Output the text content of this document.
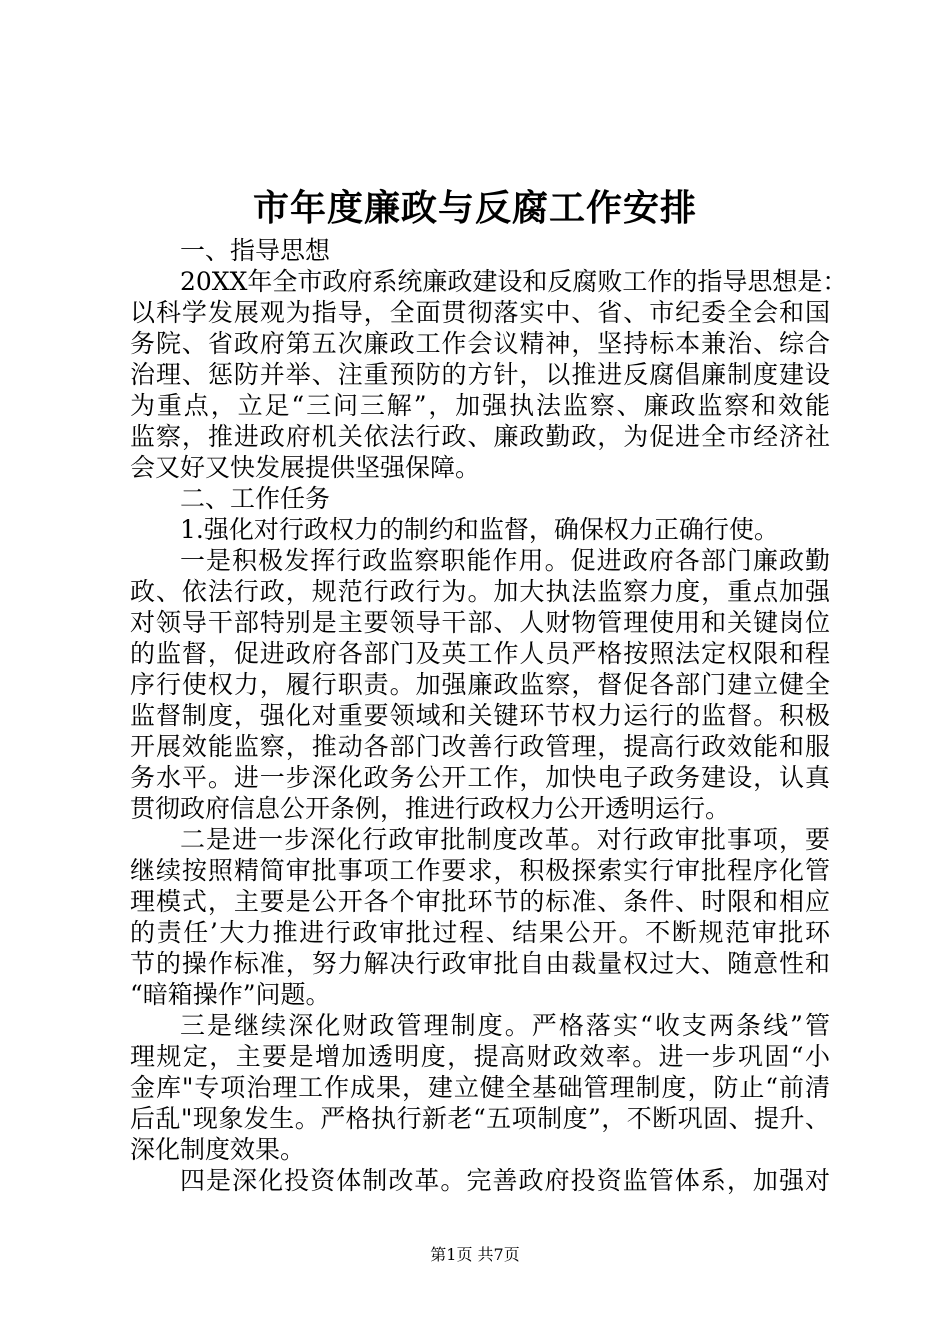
市年度廉政与反腐工作安排
一、指导思想
20XX年全市政府系统廉政建设和反腐败工作的指导思想是：
以科学发展观为指导，全面贯彻落实中、省、市纪委全会和国
务院、省政府第五次廉政工作会议精神，坚持标本兼治、综合
治理、惩防并举、注重预防的方针，以推进反腐倡廉制度建设
为重点，立足“三问三解”，加强执法监察、廉政监察和效能
监察，推进政府机关依法行政、廉政勤政，为促进全市经济社
会又好又快发展提供坚强保障。
二、工作任务
1.强化对行政权力的制约和监督，确保权力正确行使。
一是积极发挥行政监察职能作用。促进政府各部门廉政勤
政、依法行政，规范行政行为。加大执法监察力度，重点加强
对领导干部特别是主要领导干部、人财物管理使用和关键岗位
的监督，促进政府各部门及英工作人员严格按照法定权限和程
序行使权力，履行职责。加强廉政监察，督促各部门建立健全
监督制度，强化对重要领域和关键环节权力运行的监督。积极
开展效能监察，推动各部门改善行政管理，提高行政效能和服
务水平。进一步深化政务公开工作，加快电子政务建设，认真
贯彻政府信息公开条例，推进行政权力公开透明运行。
二是进一步深化行政审批制度改革。对行政审批事项，要
继续按照精简审批事项工作要求，积极探索实行审批程序化管
理模式，主要是公开各个审批环节的标准、条件、时限和相应
的责任’大力推进行政审批过程、结果公开。不断规范审批环
节的操作标准，努力解决行政审批自由裁量权过大、随意性和
“暗箱操作”问题。
三是继续深化财政管理制度。严格落实“收支两条线”管
理规定，主要是增加透明度，提高财政效率。进一步巩固“小
金库"专项治理工作成果，建立健全基础管理制度，防止“前清
后乱"现象发生。严格执行新老“五项制度”，不断巩固、提升、
深化制度效果。
四是深化投资体制改革。完善政府投资监管体系，加强对
第1页 共7页
